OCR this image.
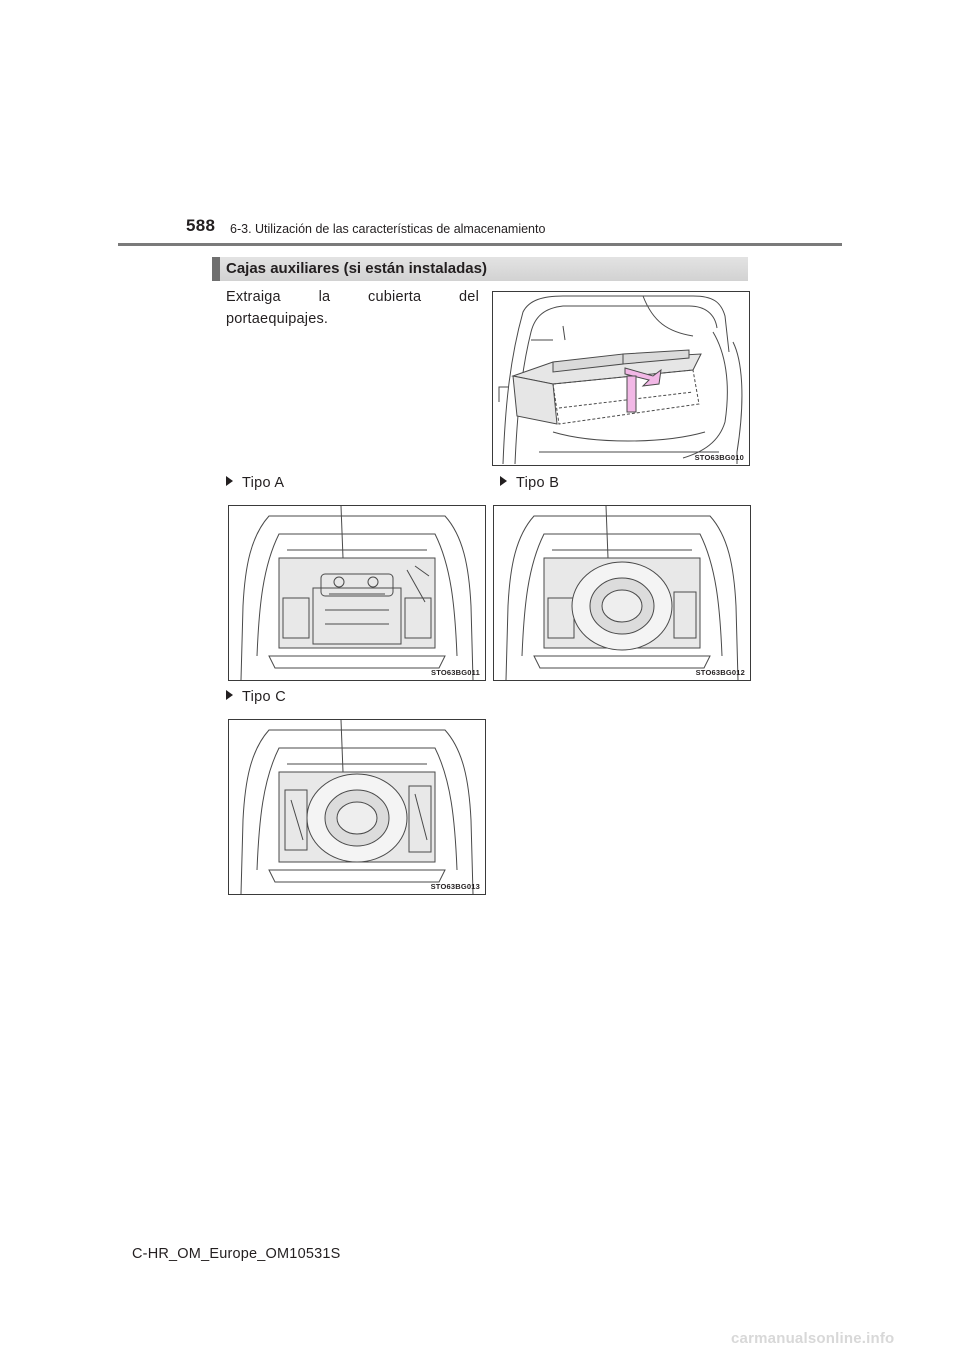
588 6-3. Utilización de las características de almacenamiento
Cajas auxiliares (si están instaladas)
Extraiga la cubierta del portaequipajes.
STO63BG010
Tipo A	Tipo B
STO63BG011	STO63BG012
Tipo C
STO63BG013
C-HR_OM_Europe_OM10531S
carmanualsonline.info
